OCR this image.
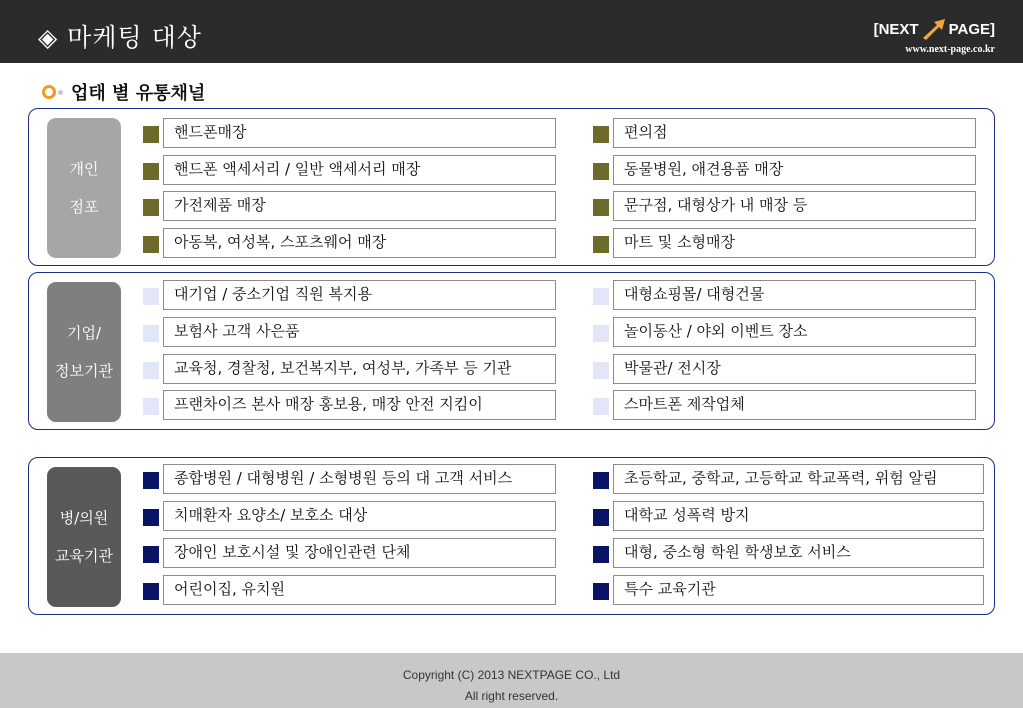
◈ 마케팅 대상	[NEXT PAGE]
www.next-page.co.kr
업태 별 유통채널
개인
점포
핸드폰매장
핸드폰 액세서리 / 일반 액세서리 매장
가전제품 매장
아동복, 여성복, 스포츠웨어 매장
편의점
동물병원, 애견용품 매장
문구점, 대형상가 내 매장 등
마트 및 소형매장
기업/
정보기관
대기업 / 중소기업 직원 복지용
보험사 고객 사은품
교육청, 경찰청, 보건복지부, 여성부, 가족부 등 기관
프랜차이즈 본사 매장 홍보용, 매장 안전 지킴이
대형쇼핑몰/ 대형건물
놀이동산 / 야외 이벤트 장소
박물관/ 전시장
스마트폰 제작업체
병/의원
교육기관
종합병원 / 대형병원 / 소형병원 등의 대 고객 서비스
치매환자 요양소/ 보호소 대상
장애인 보호시설 및 장애인관련 단체
어린이집, 유치원
초등학교, 중학교, 고등학교 학교폭력, 위험 알림
대학교 성폭력 방지
대형, 중소형 학원 학생보호 서비스
특수 교육기관
Copyright (C) 2013 NEXTPAGE CO., Ltd
All right reserved.
